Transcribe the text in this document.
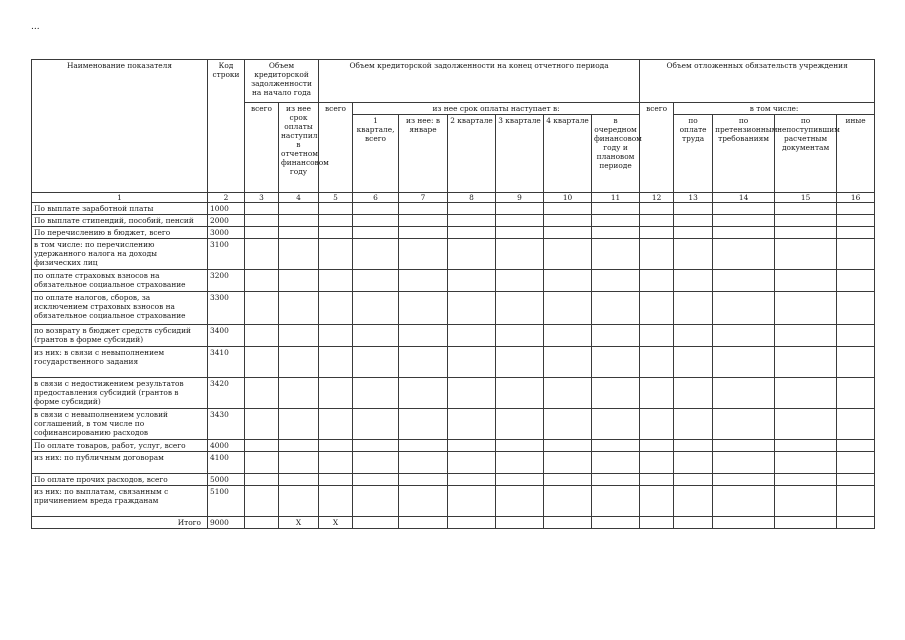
...
Наименование показателя	Код строки	Объем кредиторской задолженности на начало года		Объем кредиторской задолженности на конец отчетного периода							Объем отложенных обязательств учреждения				
		всего	из нее срок оплаты наступил в отчетном финансовом году	всего	из нее срок оплаты наступает в:						всего	в том числе:			
					1 квартале, всего	из нее: в январе	2 квартале	3 квартале	4 квартале	в очередном финансовом году и плановом периоде		по оплате труда	по претензионным требованиям	по непоступившим расчетным документам	иные
1	2	3	4	5	6	7	8	9	10	11	12	13	14	15	16
По выплате заработной платы	1000														
По выплате стипендий, пособий, пенсий	2000														
По перечислению в бюджет, всего	3000														
в том числе: по перечислению удержанного налога на доходы физических лиц	3100														
по оплате страховых взносов на обязательное социальное страхование	3200														
по оплате налогов, сборов, за исключением страховых взносов на обязательное социальное страхование	3300														
по возврату в бюджет средств субсидий (грантов в форме субсидий)	3400														
из них: в связи с невыполнением государственного задания	3410														
в связи с недостижением результатов предоставления субсидий (грантов в форме субсидий)	3420														
в связи с невыполнением условий соглашений, в том числе по софинансированию расходов	3430														
По оплате товаров, работ, услуг, всего	4000														
из них: по публичным договорам	4100														
По оплате прочих расходов, всего	5000														
из них: по выплатам, связанным с причинением вреда гражданам	5100														
Итого	9000		X	X											
